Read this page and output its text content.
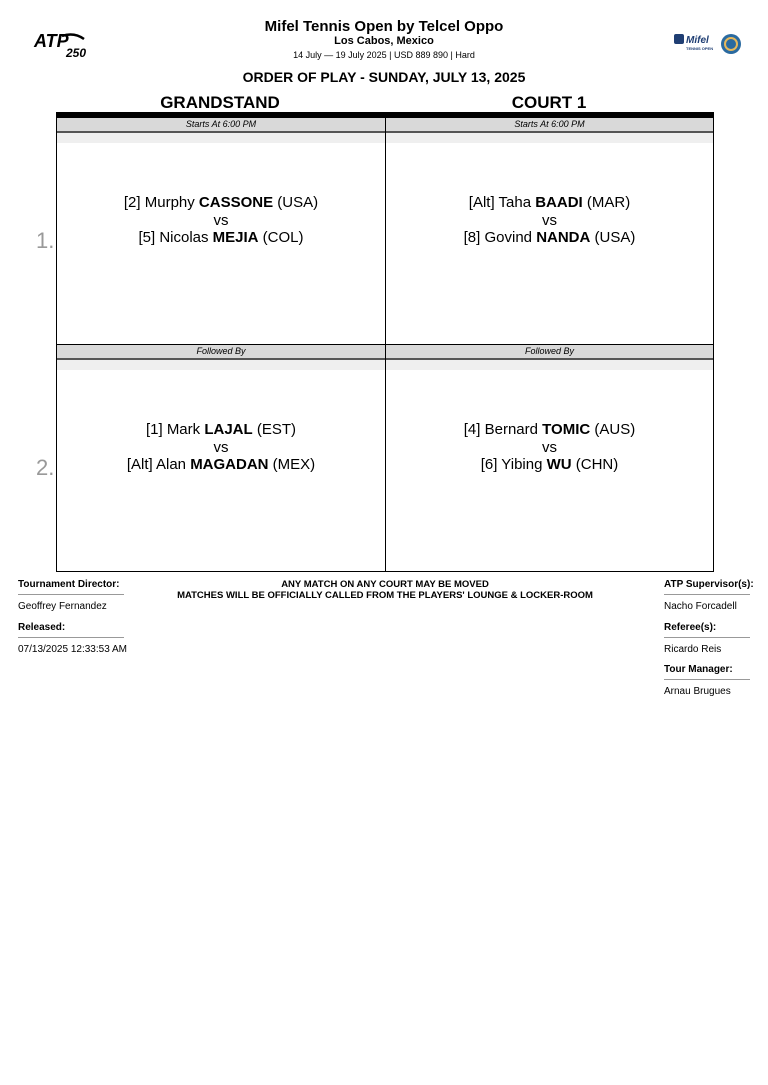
ATP
250
Mifel Tennis Open by Telcel Oppo
Los Cabos, Mexico
14 July — 19 July 2025 | USD 889 890 | Hard
Mifel
TENNIS OPEN
ORDER OF PLAY - SUNDAY, JULY 13, 2025
GRANDSTAND	COURT 1
1.
2.
Starts At 6:00 PM
[2] Murphy CASSONE (USA)
vs
[5] Nicolas MEJIA (COL)
Starts At 6:00 PM
[Alt] Taha BAADI (MAR)
vs
[8] Govind NANDA (USA)
Followed By
[1] Mark LAJAL (EST)
vs
[Alt] Alan MAGADAN (MEX)
Followed By
[4] Bernard TOMIC (AUS)
vs
[6] Yibing WU (CHN)
Tournament Director:
Geoffrey Fernandez
Released:
07/13/2025 12:33:53 AM
ANY MATCH ON ANY COURT MAY BE MOVED
MATCHES WILL BE OFFICIALLY CALLED FROM THE PLAYERS' LOUNGE & LOCKER-ROOM
ATP Supervisor(s):
Nacho Forcadell
Referee(s):
Ricardo Reis
Tour Manager:
Arnau Brugues
